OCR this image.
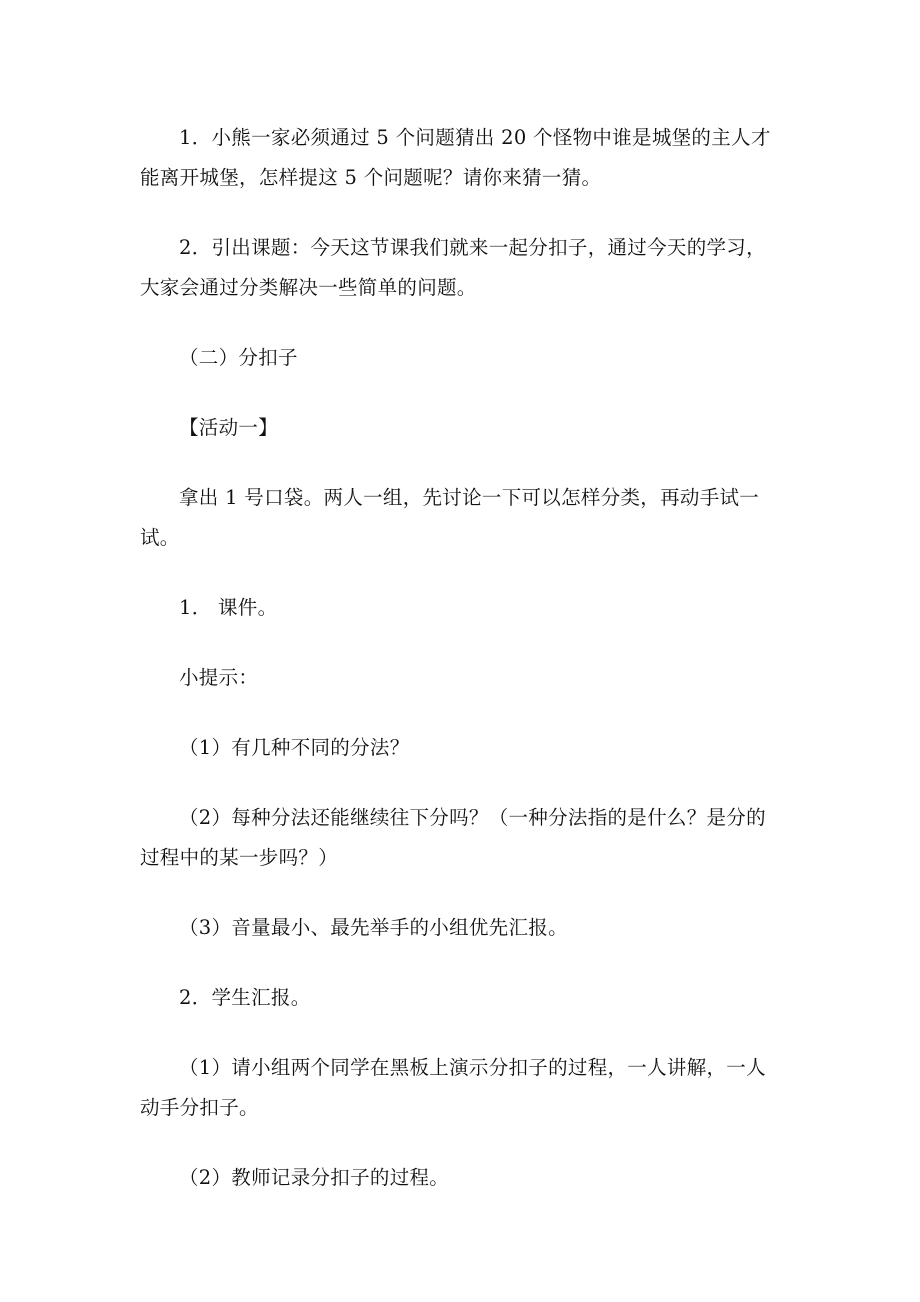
1．小熊一家必须通过 5 个问题猜出 20 个怪物中谁是城堡的主人才能离开城堡，怎样提这 5 个问题呢？请你来猜一猜。

2．引出课题：今天这节课我们就来一起分扣子，通过今天的学习，大家会通过分类解决一些简单的问题。

（二）分扣子

【活动一】

拿出 1 号口袋。两人一组，先讨论一下可以怎样分类，再动手试一试。

1． 课件。

小提示：

（1）有几种不同的分法？

（2）每种分法还能继续往下分吗？（一种分法指的是什么？是分的过程中的某一步吗？）

（3）音量最小、最先举手的小组优先汇报。

2．学生汇报。

（1）请小组两个同学在黑板上演示分扣子的过程，一人讲解，一人动手分扣子。

（2）教师记录分扣子的过程。
